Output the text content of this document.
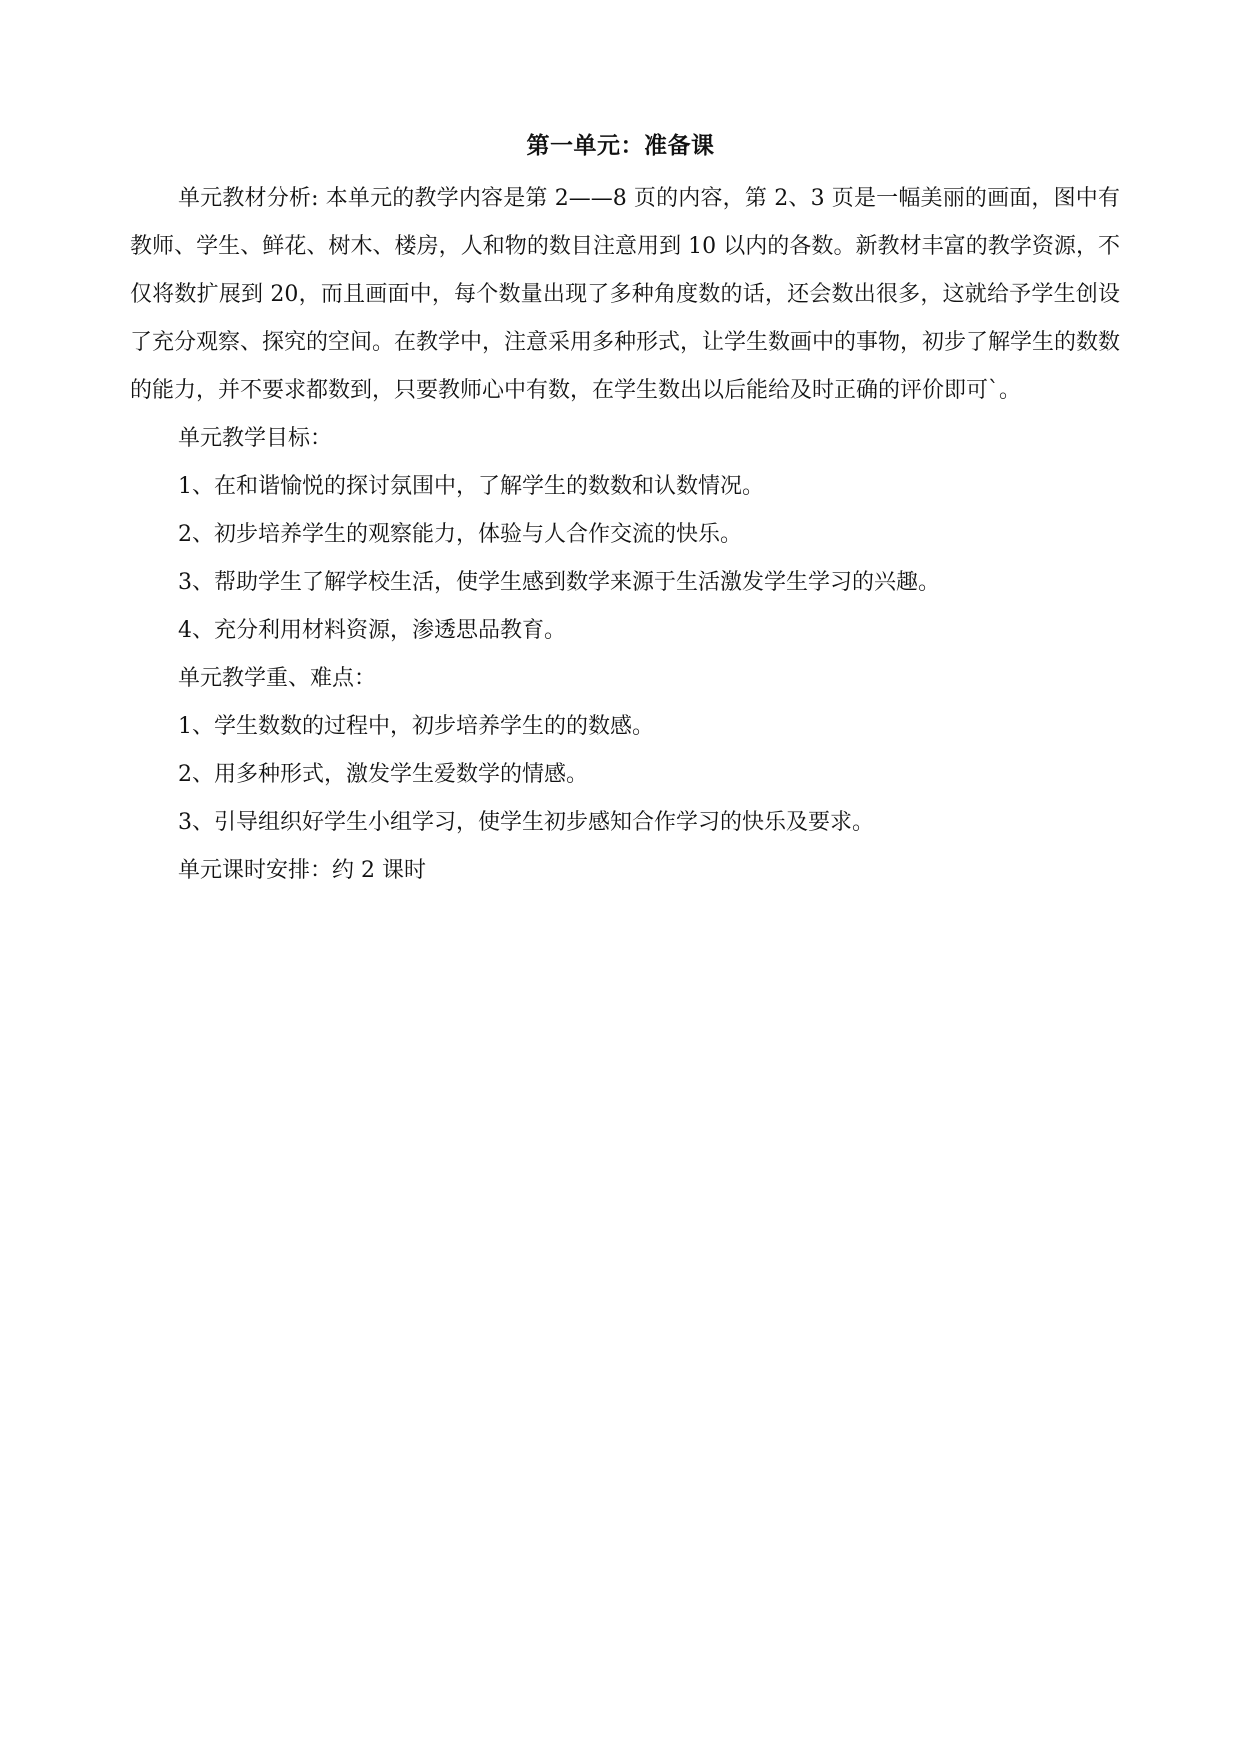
第一单元：准备课

单元教材分析: 本单元的教学内容是第 2——8 页的内容，第 2、3 页是一幅美丽的画面，图中有教师、学生、鲜花、树木、楼房，人和物的数目注意用到 10 以内的各数。新教材丰富的教学资源，不仅将数扩展到 20，而且画面中，每个数量出现了多种角度数的话，还会数出很多，这就给予学生创设了充分观察、探究的空间。在教学中，注意采用多种形式，让学生数画中的事物，初步了解学生的数数的能力，并不要求都数到，只要教师心中有数，在学生数出以后能给及时正确的评价即可`。

单元教学目标：

1、在和谐愉悦的探讨氛围中，了解学生的数数和认数情况。

2、初步培养学生的观察能力，体验与人合作交流的快乐。

3、帮助学生了解学校生活，使学生感到数学来源于生活激发学生学习的兴趣。

4、充分利用材料资源，渗透思品教育。

单元教学重、难点：

1、学生数数的过程中，初步培养学生的的数感。

2、用多种形式，激发学生爱数学的情感。

3、引导组织好学生小组学习，使学生初步感知合作学习的快乐及要求。

单元课时安排：约 2 课时
